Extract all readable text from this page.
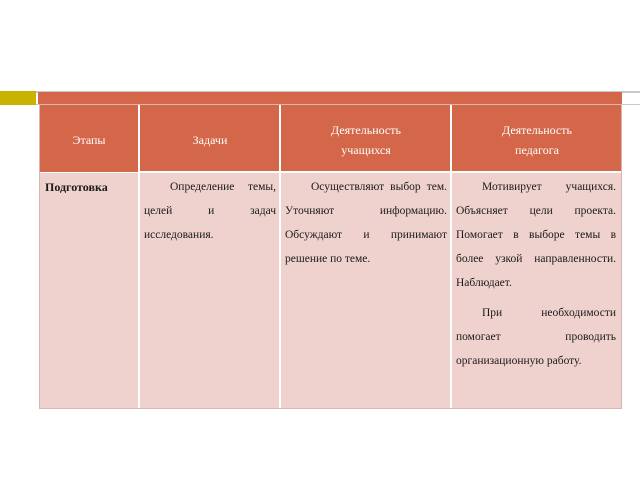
Этапы	Задачи
Деятельность
учащихся
Деятельность
педагога
Подготовка	Определение темы, целей и задач исследования.
Осуществляют выбор тем. Уточняют информацию. Обсуждают и принимают решение по теме.

Мотивирует учащихся. Объясняет цели проекта. Помогает в выборе темы в более узкой направленности. Наблюдает.

При необходимости помогает проводить организационную работу.
